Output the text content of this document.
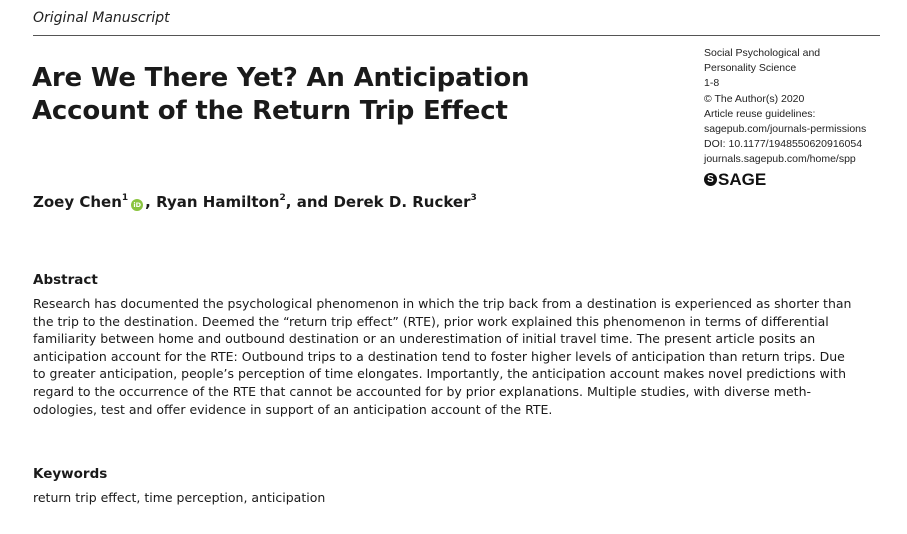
Original Manuscript
Are We There Yet? An Anticipation
Account of the Return Trip Effect
Social Psychological and
Personality Science
1-8
© The Author(s) 2020
Article reuse guidelines:
sagepub.com/journals-permissions
DOI: 10.1177/1948550620916054
journals.sagepub.com/home/spp
S SAGE
Zoey Chen$^1$iD , Ryan Hamilton$^2$, and Derek D. Rucker$^3$
Abstract
Research has documented the psychological phenomenon in which the trip back from a destination is experienced as shorter than
the trip to the destination. Deemed the “return trip effect” (RTE), prior work explained this phenomenon in terms of differential
familiarity between home and outbound destination or an underestimation of initial travel time. The present article posits an
anticipation account for the RTE: Outbound trips to a destination tend to foster higher levels of anticipation than return trips. Due
to greater anticipation, people’s perception of time elongates. Importantly, the anticipation account makes novel predictions with
regard to the occurrence of the RTE that cannot be accounted for by prior explanations. Multiple studies, with diverse meth-
odologies, test and offer evidence in support of an anticipation account of the RTE.
Keywords
return trip effect, time perception, anticipation
